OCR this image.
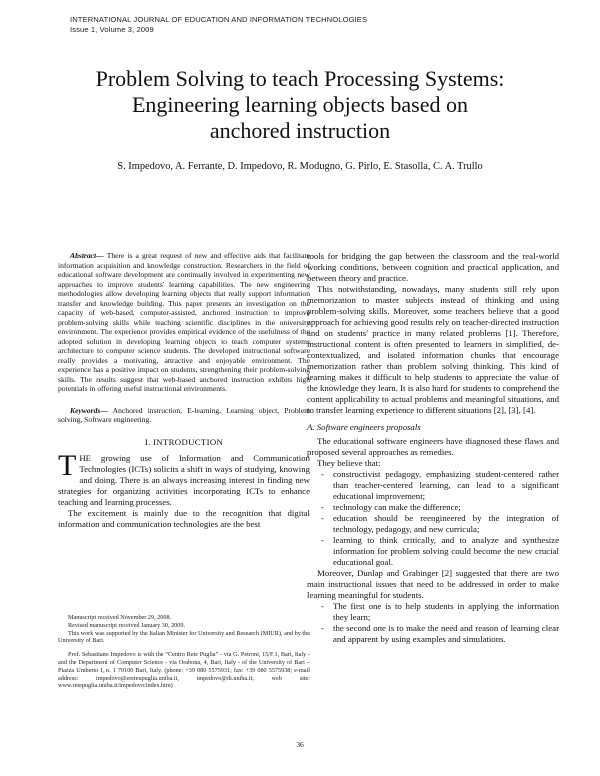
INTERNATIONAL JOURNAL OF EDUCATION AND INFORMATION TECHNOLOGIES
Issue 1, Volume 3, 2009
Problem Solving to teach Processing Systems:
Engineering learning objects based on
anchored instruction
S. Impedovo, A. Ferrante, D. Impedovo, R. Modugno, G. Pirlo, E. Stasolla, C. A. Trullo

Abstract— There is a great request of new and effective aids that facilitate information acquisition and knowledge construction. Researchers in the field of educational software development are continually involved in experimenting new approaches to improve students' learning capabilities. The new engineering methodologies allow developing learning objects that really support information transfer and knowledge building. This paper presents an investigation on the capacity of web-based, computer-assisted, anchored instruction to improve problem-solving skills while teaching scientific disciplines in the university environment. The experience provides empirical evidence of the usefulness of the adopted solution in developing learning objects to teach computer systems architecture to computer science students. The developed instructional software really provides a motivating, attractive and enjoyable environment. The experience has a positive impact on students, strengthening their problem-solving skills. The results suggest that web-based anchored instruction exhibits high potentials in offering useful instructional environments.

Keywords— Anchored instruction, E-learning, Learning object, Problem solving, Software engineering.

I. INTRODUCTION

THE growing use of Information and Communication Technologies (ICTs) solicits a shift in ways of studying, knowing and doing. There is an always increasing interest in finding new strategies for organizing activities incorporating ICTs to enhance teaching and learning processes.

The excitement is mainly due to the recognition that digital information and communication technologies are the best

Manuscript received November 29, 2008.

Revised manuscript received January 30, 2009.

This work was supported by the Italian Minister for University and Research (MIUR), and by the University of Bari.

Prof. Sebastiano Impedovo is with the “Centro Rete Puglia” - via G. Petroni, 15/F.1, Bari, Italy - and the Department of Computer Science - via Orabona, 4, Bari, Italy - of the University of Bari – Piazza Umberto I, n. 1 70100 Bari, Italy. (phone: +39 080 5575931; fax: +39 080 5575938; e-mail address: impedovo@ereteupuglia.uniba.it, impedovo@di.uniba.it; web site: www.retepuglia.uniba.it/impedovo/index.htm)

tools for bridging the gap between the classroom and the real-world working conditions, between cognition and practical application, and between theory and practice.

This notwithstanding, nowadays, many students still rely upon memorization to master subjects instead of thinking and using problem-solving skills. Moreover, some teachers believe that a good approach for achieving good results rely on teacher-directed instruction and on students' practice in many related problems [1]. Therefore, instructional content is often presented to learners in simplified, de-contextualized, and isolated information chunks that encourage memorization rather than problem solving thinking. This kind of learning makes it difficult to help students to appreciate the value of the knowledge they learn. It is also hard for students to comprehend the content applicability to actual problems and meaningful situations, and to transfer learning experience to different situations [2], [3], [4].

A. Software engineers proposals

The educational software engineers have diagnosed these flaws and proposed several approaches as remedies.

They believe that:

- constructivist pedagogy, emphasizing student-centered rather than teacher-centered learning, can lead to a significant educational improvement;
- technology can make the difference;
- education should be reengineered by the integration of technology, pedagogy, and new curricula;
- learning to think critically, and to analyze and synthesize information for problem solving could become the new crucial educational goal.

Moreover, Dunlap and Grabinger [2] suggested that there are two main instructional issues that need to be addressed in order to make learning meaningful for students.

- The first one is to help students in applying the information they learn;
- the second one is to make the need and reason of learning clear and apparent by using examples and simulations.
36
